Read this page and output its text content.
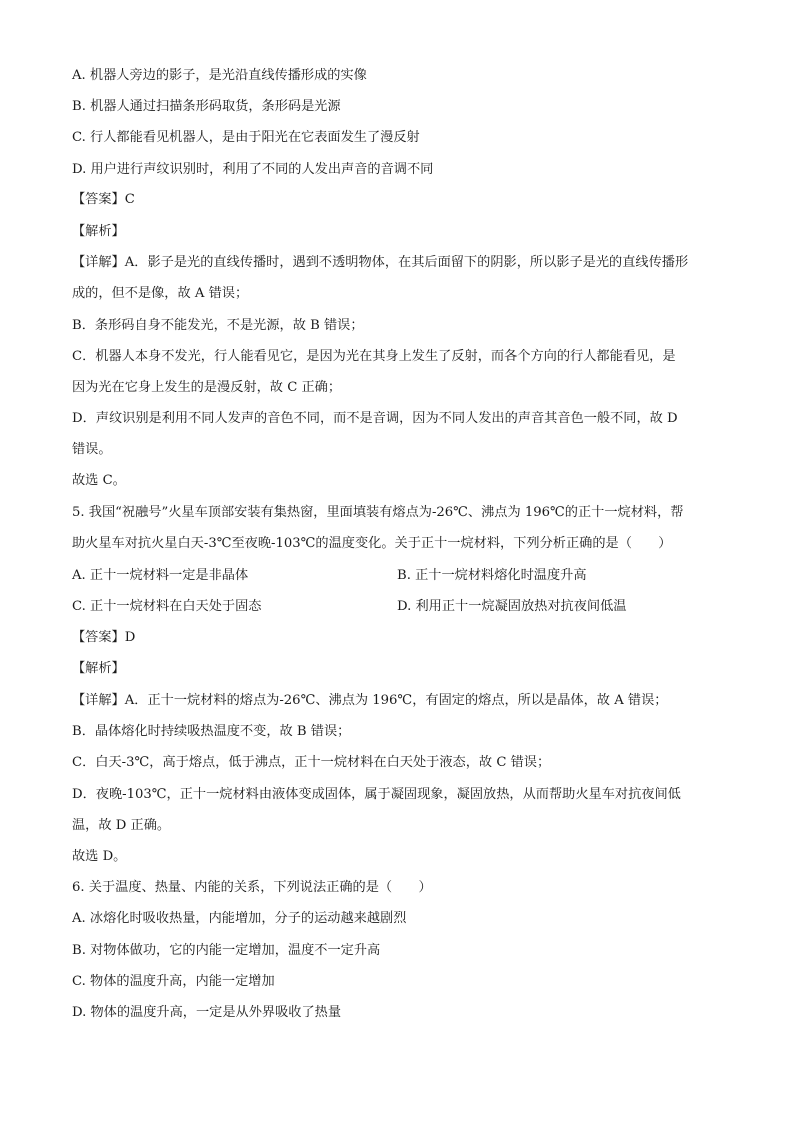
A. 机器人旁边的影子，是光沿直线传播形成的实像
B. 机器人通过扫描条形码取货，条形码是光源
C. 行人都能看见机器人，是由于阳光在它表面发生了漫反射
D. 用户进行声纹识别时，利用了不同的人发出声音的音调不同
【答案】C
【解析】
【详解】A．影子是光的直线传播时，遇到不透明物体，在其后面留下的阴影，所以影子是光的直线传播形
成的，但不是像，故 A 错误；
B．条形码自身不能发光，不是光源，故 B 错误；
C．机器人本身不发光，行人能看见它，是因为光在其身上发生了反射，而各个方向的行人都能看见，是
因为光在它身上发生的是漫反射，故 C 正确；
D．声纹识别是利用不同人发声的音色不同，而不是音调，因为不同人发出的声音其音色一般不同，故 D
错误。
故选 C。
5. 我国“祝融号”火星车顶部安装有集热窗，里面填装有熔点为-26℃、沸点为 196℃的正十一烷材料，帮
助火星车对抗火星白天-3℃至夜晚-103℃的温度变化。关于正十一烷材料，下列分析正确的是（　　）
A. 正十一烷材料一定是非晶体	B. 正十一烷材料熔化时温度升高
C. 正十一烷材料在白天处于固态	D. 利用正十一烷凝固放热对抗夜间低温
【答案】D
【解析】
【详解】A．正十一烷材料的熔点为-26℃、沸点为 196℃，有固定的熔点，所以是晶体，故 A 错误；
B．晶体熔化时持续吸热温度不变，故 B 错误；
C．白天-3℃，高于熔点，低于沸点，正十一烷材料在白天处于液态，故 C 错误；
D．夜晚-103℃，正十一烷材料由液体变成固体，属于凝固现象，凝固放热，从而帮助火星车对抗夜间低
温，故 D 正确。
故选 D。
6. 关于温度、热量、内能的关系，下列说法正确的是（　　）
A. 冰熔化时吸收热量，内能增加，分子的运动越来越剧烈
B. 对物体做功，它的内能一定增加，温度不一定升高
C. 物体的温度升高，内能一定增加
D. 物体的温度升高，一定是从外界吸收了热量
